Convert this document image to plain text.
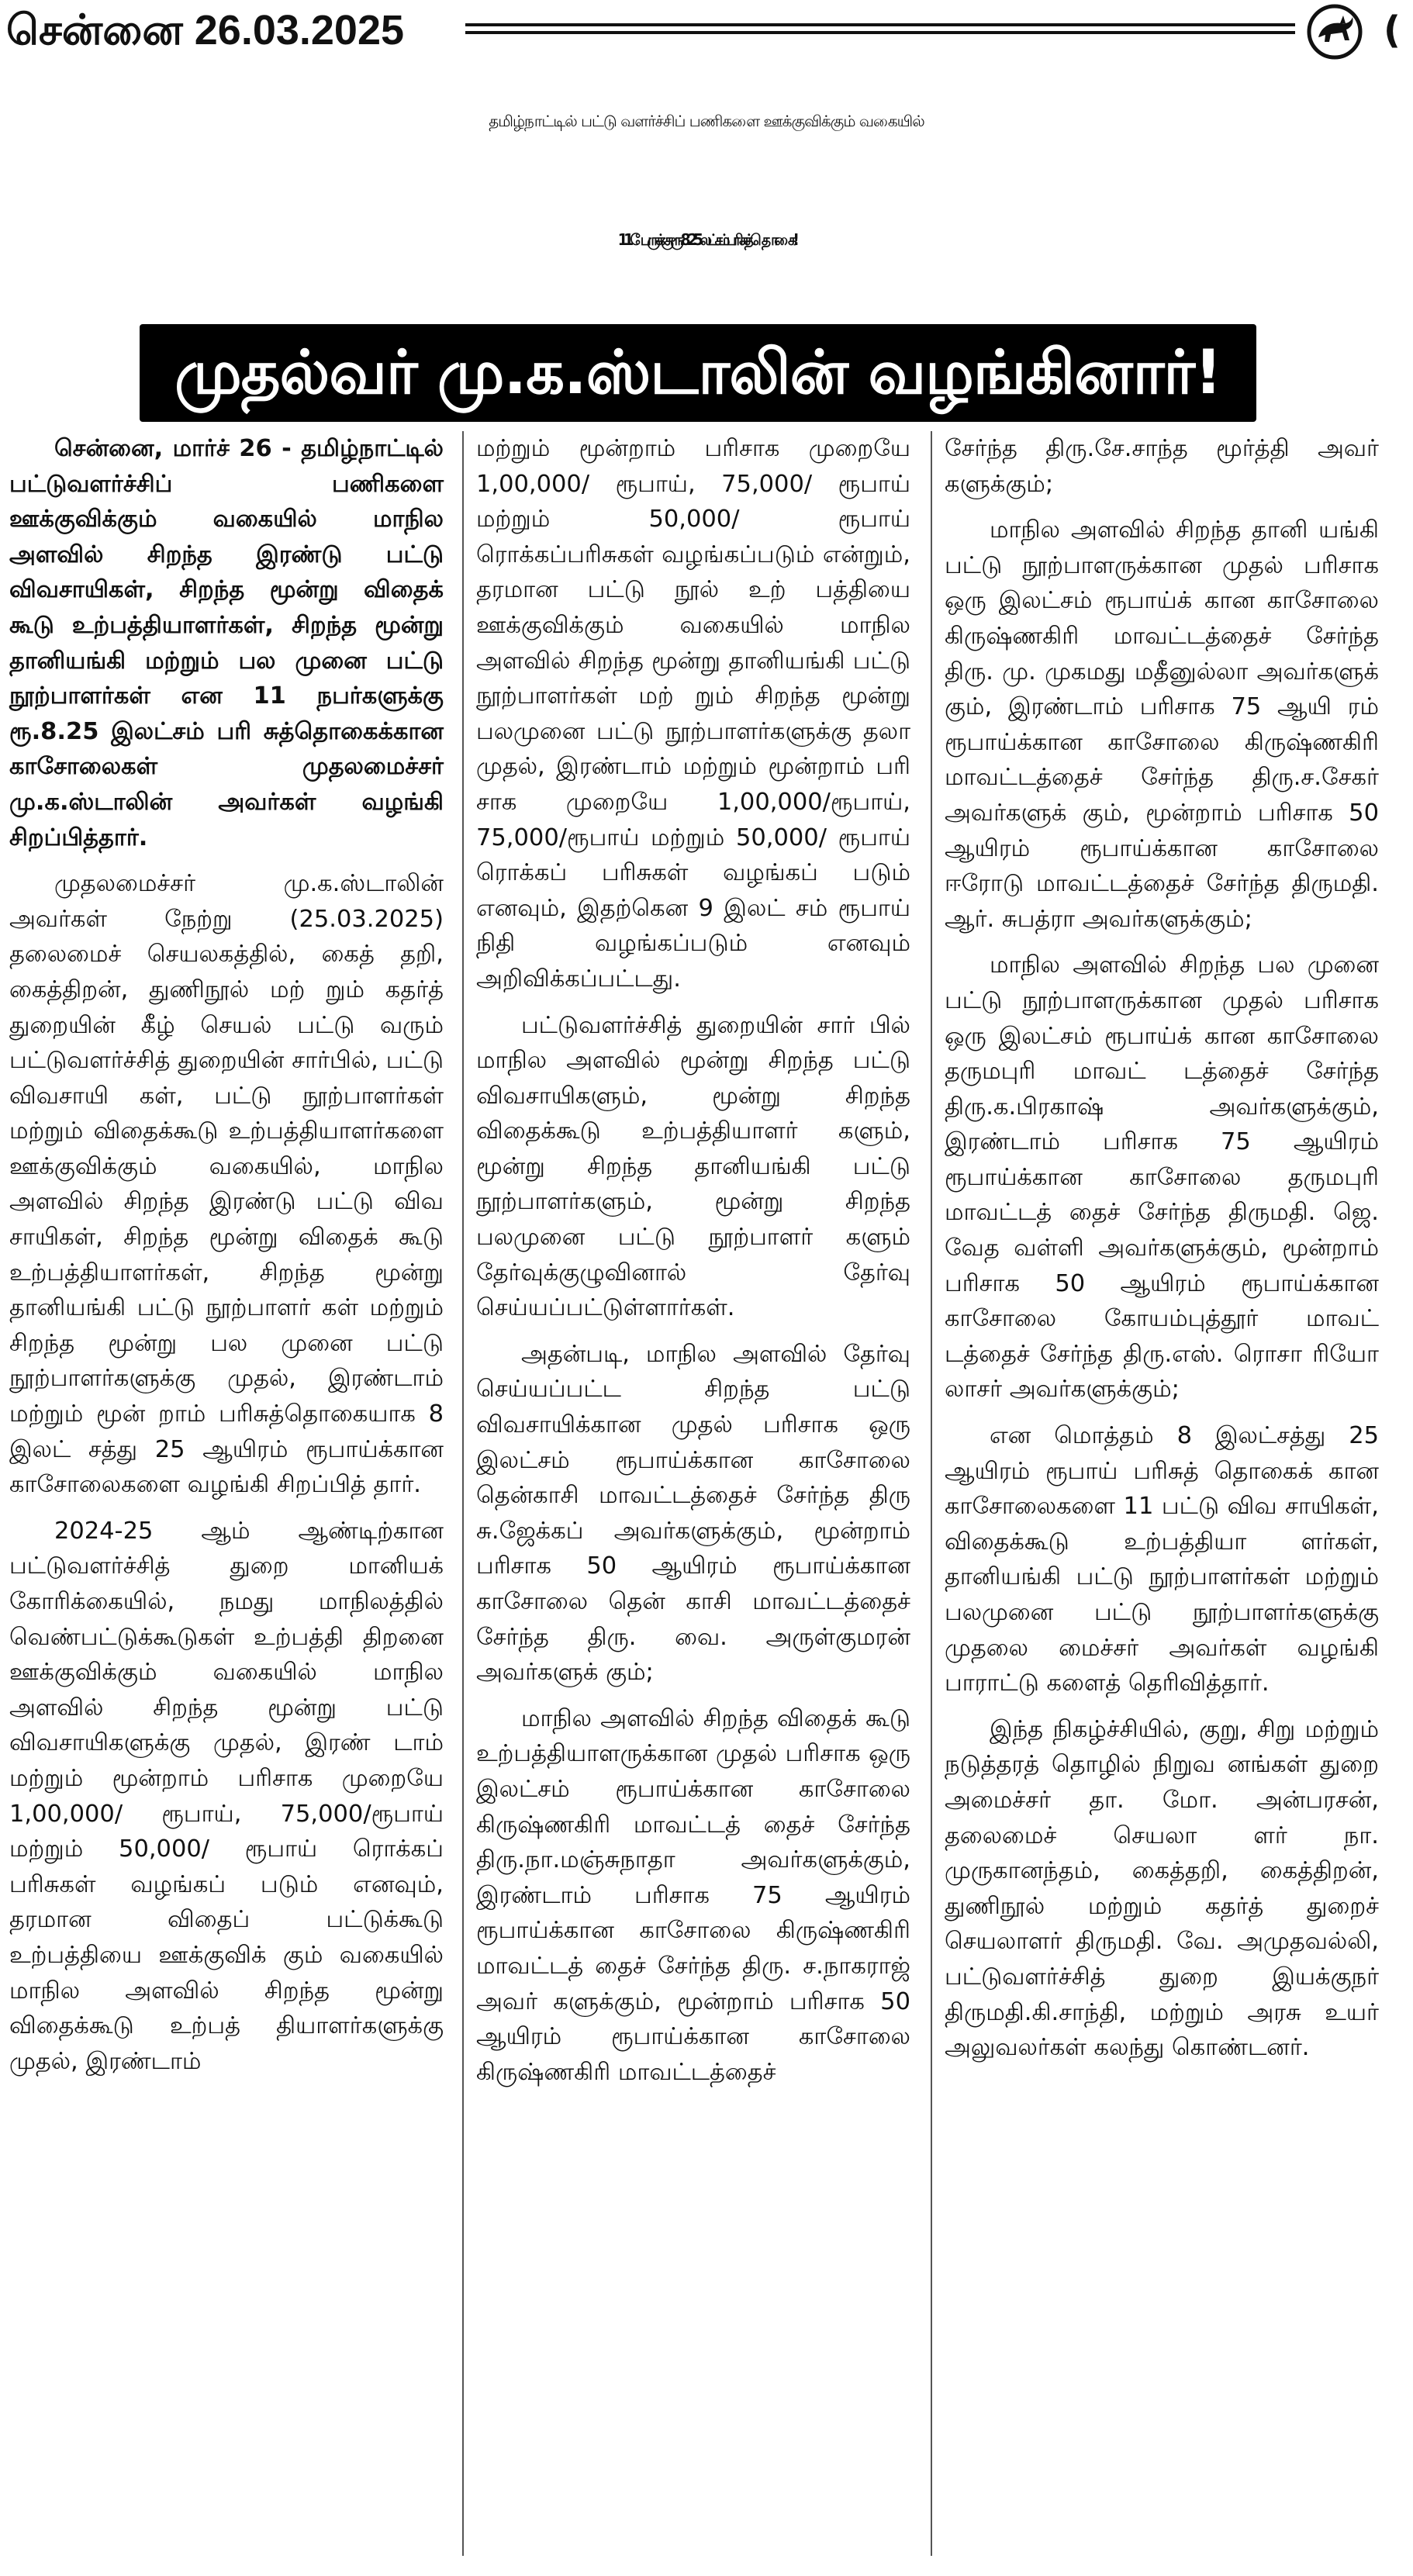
சென்னை 26.03.2025	(
தமிழ்நாட்டில் பட்டு வளர்ச்சிப் பணிகளை ஊக்குவிக்கும் வகையில்
11 பேருக்கு ரூ.8.25 லட்சம் பரிசுத் தொகை!
முதல்வர் மு.க.ஸ்டாலின் வழங்கினார்!

சென்னை, மார்ச் 26 - தமிழ்நாட்டில் பட்டுவளர்ச்சிப் பணிகளை ஊக்குவிக்கும் வகையில் மாநில அளவில் சிறந்த இரண்டு பட்டு விவசாயிகள், சிறந்த மூன்று விதைக் கூடு உற்பத்தியாளர்கள், சிறந்த மூன்று தானியங்கி மற்றும் பல முனை பட்டு நூற்பாளர்கள் என 11 நபர்களுக்கு ரூ.8.25 இலட்சம் பரி சுத்தொகைக்கான காசோலைகள் முதலமைச்சர் மு.க.ஸ்டாலின் அவர்கள் வழங்கி சிறப்பித்தார்.

முதலமைச்சர் மு.க.ஸ்டாலின் அவர்கள் நேற்று (25.03.2025) தலைமைச் செயலகத்தில், கைத் தறி, கைத்திறன், துணிநூல் மற் றும் கதர்த் துறையின் கீழ் செயல் பட்டு வரும் பட்டுவளர்ச்சித் துறையின் சார்பில், பட்டு விவசாயி கள், பட்டு நூற்பாளர்கள் மற்றும் விதைக்கூடு உற்பத்தியாளர்களை ஊக்குவிக்கும் வகையில், மாநில அளவில் சிறந்த இரண்டு பட்டு விவ சாயிகள், சிறந்த மூன்று விதைக் கூடு உற்பத்தியாளர்கள், சிறந்த மூன்று தானியங்கி பட்டு நூற்பாளர் கள் மற்றும் சிறந்த மூன்று பல முனை பட்டு நூற்பாளர்களுக்கு முதல், இரண்டாம் மற்றும் மூன் றாம் பரிசுத்தொகையாக 8 இலட் சத்து 25 ஆயிரம் ரூபாய்க்கான காசோலைகளை வழங்கி சிறப்பித் தார்.

2024-25 ஆம் ஆண்டிற்கான பட்டுவளர்ச்சித் துறை மானியக் கோரிக்கையில், நமது மாநிலத்தில் வெண்பட்டுக்கூடுகள் உற்பத்தி திறனை ஊக்குவிக்கும் வகையில் மாநில அளவில் சிறந்த மூன்று பட்டு விவசாயிகளுக்கு முதல், இரண் டாம் மற்றும் மூன்றாம் பரிசாக முறையே 1,00,000/ ரூபாய், 75,000/ரூபாய் மற்றும் 50,000/ ரூபாய் ரொக்கப் பரிசுகள் வழங்கப் படும் எனவும், தரமான விதைப் பட்டுக்கூடு உற்பத்தியை ஊக்குவிக் கும் வகையில் மாநில அளவில் சிறந்த மூன்று விதைக்கூடு உற்பத் தியாளர்களுக்கு முதல், இரண்டாம்

மற்றும் மூன்றாம் பரிசாக முறையே 1,00,000/ ரூபாய், 75,000/ ரூபாய் மற்றும் 50,000/ ரூபாய் ரொக்கப்பரிசுகள் வழங்கப்படும் என்றும், தரமான பட்டு நூல் உற் பத்தியை ஊக்குவிக்கும் வகையில் மாநில அளவில் சிறந்த மூன்று தானியங்கி பட்டு நூற்பாளர்கள் மற் றும் சிறந்த மூன்று பலமுனை பட்டு நூற்பாளர்களுக்கு தலா முதல், இரண்டாம் மற்றும் மூன்றாம் பரி சாக முறையே 1,00,000/ரூபாய், 75,000/ரூபாய் மற்றும் 50,000/ ரூபாய் ரொக்கப் பரிசுகள் வழங்கப் படும் எனவும், இதற்கென 9 இலட் சம் ரூபாய் நிதி வழங்கப்படும் எனவும் அறிவிக்கப்பட்டது.

பட்டுவளர்ச்சித் துறையின் சார் பில் மாநில அளவில் மூன்று சிறந்த பட்டு விவசாயிகளும், மூன்று சிறந்த விதைக்கூடு உற்பத்தியாளர் களும், மூன்று சிறந்த தானியங்கி பட்டு நூற்பாளர்களும், மூன்று சிறந்த பலமுனை பட்டு நூற்பாளர் களும் தேர்வுக்குழுவினால் தேர்வு செய்யப்பட்டுள்ளார்கள்.

அதன்படி, மாநில அளவில் தேர்வு செய்யப்பட்ட சிறந்த பட்டு விவசாயிக்கான முதல் பரிசாக ஒரு இலட்சம் ரூபாய்க்கான காசோலை தென்காசி மாவட்டத்தைச் சேர்ந்த திரு சு.ஜேக்கப் அவர்களுக்கும், மூன்றாம் பரிசாக 50 ஆயிரம் ரூபாய்க்கான காசோலை தென் காசி மாவட்டத்தைச் சேர்ந்த திரு. வை. அருள்குமரன் அவர்களுக் கும்;

மாநில அளவில் சிறந்த விதைக் கூடு உற்பத்தியாளருக்கான முதல் பரிசாக ஒரு இலட்சம் ரூபாய்க்கான காசோலை கிருஷ்ணகிரி மாவட்டத் தைச் சேர்ந்த திரு.நா.மஞ்சுநாதா அவர்களுக்கும், இரண்டாம் பரிசாக 75 ஆயிரம் ரூபாய்க்கான காசோலை கிருஷ்ணகிரி மாவட்டத் தைச் சேர்ந்த திரு. ச.நாகராஜ் அவர் களுக்கும், மூன்றாம் பரிசாக 50 ஆயிரம் ரூபாய்க்கான காசோலை கிருஷ்ணகிரி மாவட்டத்தைச்

சேர்ந்த திரு.சே.சாந்த மூர்த்தி அவர் களுக்கும்;

மாநில அளவில் சிறந்த தானி யங்கி பட்டு நூற்பாளருக்கான முதல் பரிசாக ஒரு இலட்சம் ரூபாய்க் கான காசோலை கிருஷ்ணகிரி மாவட்டத்தைச் சேர்ந்த திரு. மு. முகமது மதீனுல்லா அவர்களுக் கும், இரண்டாம் பரிசாக 75 ஆயி ரம் ரூபாய்க்கான காசோலை கிருஷ்ணகிரி மாவட்டத்தைச் சேர்ந்த திரு.ச.சேகர் அவர்களுக் கும், மூன்றாம் பரிசாக 50 ஆயிரம் ரூபாய்க்கான காசோலை ஈரோடு மாவட்டத்தைச் சேர்ந்த திருமதி. ஆர். சுபத்ரா அவர்களுக்கும்;

மாநில அளவில் சிறந்த பல முனை பட்டு நூற்பாளருக்கான முதல் பரிசாக ஒரு இலட்சம் ரூபாய்க் கான காசோலை தருமபுரி மாவட் டத்தைச் சேர்ந்த திரு.க.பிரகாஷ் அவர்களுக்கும், இரண்டாம் பரிசாக 75 ஆயிரம் ரூபாய்க்கான காசோலை தருமபுரி மாவட்டத் தைச் சேர்ந்த திருமதி. ஜெ. வேத வள்ளி அவர்களுக்கும், மூன்றாம் பரிசாக 50 ஆயிரம் ரூபாய்க்கான காசோலை கோயம்புத்தூர் மாவட் டத்தைச் சேர்ந்த திரு.எஸ். ரொசா ரியோ லாசர் அவர்களுக்கும்;

என மொத்தம் 8 இலட்சத்து 25 ஆயிரம் ரூபாய் பரிசுத் தொகைக் கான காசோலைகளை 11 பட்டு விவ சாயிகள், விதைக்கூடு உற்பத்தியா ளர்கள், தானியங்கி பட்டு நூற்பாளர்கள் மற்றும் பலமுனை பட்டு நூற்பாளர்களுக்கு முதலை மைச்சர் அவர்கள் வழங்கி பாராட்டு களைத் தெரிவித்தார்.

இந்த நிகழ்ச்சியில், குறு, சிறு மற்றும் நடுத்தரத் தொழில் நிறுவ னங்கள் துறை அமைச்சர் தா. மோ. அன்பரசன், தலைமைச் செயலா ளர் நா. முருகானந்தம், கைத்தறி, கைத்திறன், துணிநூல் மற்றும் கதர்த் துறைச் செயலாளர் திருமதி. வே. அமுதவல்லி, பட்டுவளர்ச்சித் துறை இயக்குநர் திருமதி.கி.சாந்தி, மற்றும் அரசு உயர் அலுவலர்கள் கலந்து கொண்டனர்.
